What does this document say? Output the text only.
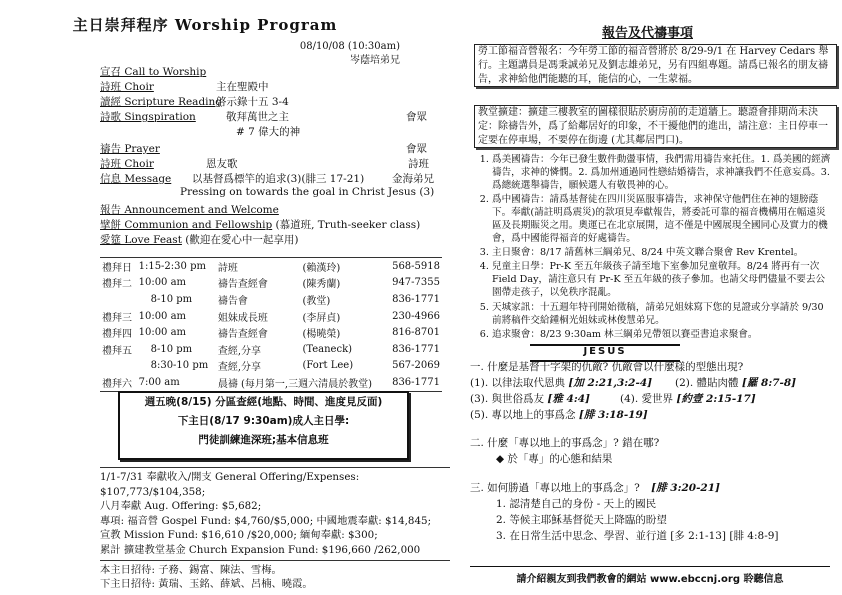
主日崇拜程序 Worship Program
08/10/08 (10:30am)
岑蔭培弟兄
宣召 Call to Worship
詩班 Choir	主在聖殿中
讀經 Scripture Reading
啓示錄十五 3-4
詩歌 Singspiration	敬拜萬世之主	會眾
# 7 偉大的神
禱告 Prayer	會眾
詩班 Choir	恩友歌	詩班
信息 Message 以基督爲標竿的追求(3)(腓三 17-21)	金海弟兄
Pressing on towards the goal in Christ Jesus (3)
報告 Announcement and Welcome
擘餅 Communion and Fellowship (慕道班, Truth-seeker class)
愛筵 Love Feast (歡迎在愛心中一起享用)
禮拜日	1:15-2:30 pm	詩班	(賴漢玲)	568-5918
禮拜二	10:00 am	禱告查經會	(陳秀蘭)	947-7355
	8-10 pm	禱告會	(教堂)	836-1771
禮拜三	10:00 am	姐妹成長班	(李屏貞)	230-4966
禮拜四	10:00 am	禱告查經會	(楊曉榮)	816-8701
禮拜五	8-10 pm	查經,分享	(Teaneck)	836-1771
	8:30-10 pm	查經,分享	(Fort Lee)	567-2069
禮拜六	7:00 am	晨禱 (每月第一,三週六清晨於教堂)		836-1771
週五晚(8/15) 分區查經(地點、時間、進度見反面)
下主日(8/17 9:30am)成人主日學:
門徒訓練進深班;基本信息班
1/1-7/31 奉獻收入/開支 General Offering/Expenses: $107,773/$104,358;
八月奉獻 Aug. Offering: $5,682;
專項: 福音營 Gospel Fund: $4,760/$5,000; 中國地震奉獻: $14,845;
宣教 Mission Fund: $16,610 /$20,000; 緬甸奉獻: $300;
累計 擴建教堂基金 Church Expansion Fund: $196,660 /262,000
本主日招待: 子務、錫富、陳法、雪梅。
下主日招待: 黃瑞、玉銘、薛斌、呂楠、曉霞。
報告及代禱事項
勞工節福音營報名：今年勞工節的福音營將於 8/29-9/1 在 Harvey Cedars 舉行。主題講員是馮秉誠弟兄及劉志雄弟兄，另有四組專題。請爲已報名的朋友禱告，求神給他們能聽的耳，能信的心，一生蒙福。
教堂擴建：擴建三樓教室的圖樣很貼於廚房前的走道牆上。聽證會排期尚未決定：除禱告外，爲了給鄰居好的印象，不干擾他們的進出，請注意：主日停車一定要在停車場，不要停在街邊 (尤其鄰居門口)。
1. 爲美國禱告：今年已發生數件動盪事情，我們需用禱告來托住。1. 爲美國的經濟禱告，求神的憐憫。2. 爲加州通過同性戀結婚禱告，求神讓我們不任意妄爲。3. 爲總統選舉禱告，願候選人有敬畏神的心。
2. 爲中國禱告：請爲基督徒在四川災區服事禱告，求神保守他們住在神的翅膀蔭下。奉獻(請註明爲震災)的款項見奉獻報告，將委託可靠的福音機構用在幅遠災區及長期賑災之用。奧運已在北京展開，這不僅是中國展現全國同心及實力的機會，爲中國能得福音的好處禱告。
3. 主日聚會：8/17 請舊林三綱弟兄、8/24 中英文聯合聚會 Rev Krentel。
4. 兒童主日學：Pr-K 至五年級孩子請至地下室參加兒童敬拜。8/24 將再有一次 Field Day，請注意只有 Pr-K 至五年級的孩子參加。也請父母們儘量不要去公園帶走孩子，以免秩序混亂。
5. 天城家訊：十五週年特刊開始徵稿，請弟兄姐妹寫下您的見證或分享請於 9/30 前將稿件交給鍾桐光姐妹或林俊慧弟兄。
6. 追求聚會：8/23 9:30am 林三綱弟兄帶領以賽亞書追求聚會。
JESUS
一. 什麼是基督十字架的仇敵? 仇敵會以什麼樣的型態出現?
(1). 以律法取代恩典 [加 2:21,3:2-4] (2). 體貼肉體 [羅 8:7-8]
(3). 與世俗爲友 [雅 4:4]	(4). 愛世界 [約壹 2:15-17]
(5). 專以地上的事爲念 [腓 3:18-19]
二. 什麼「專以地上的事爲念」? 錯在哪?
◆ 於「專」的心態和結果
三. 如何勝過「專以地上的事爲念」? [腓 3:20-21]
1. 認清楚自己的身份 - 天上的國民
2. 等候主耶穌基督從天上降臨的盼望
3. 在日常生活中思念、學習、並行道 [多 2:1-13] [腓 4:8-9]
請介紹親友到我們教會的網站 www.ebccnj.org 聆聽信息
